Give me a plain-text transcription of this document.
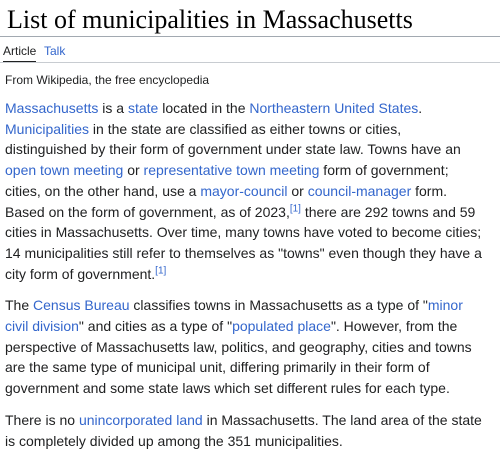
List of municipalities in Massachusetts
Article Talk
From Wikipedia, the free encyclopedia

Massachusetts is a state located in the Northeastern United States. Municipalities in the state are classified as either towns or cities, distinguished by their form of government under state law. Towns have an open town meeting or representative town meeting form of government; cities, on the other hand, use a mayor-council or council-manager form. Based on the form of government, as of 2023,[1] there are 292 towns and 59 cities in Massachusetts. Over time, many towns have voted to become cities; 14 municipalities still refer to themselves as "towns" even though they have a city form of government.[1]

The Census Bureau classifies towns in Massachusetts as a type of "minor civil division" and cities as a type of "populated place". However, from the perspective of Massachusetts law, politics, and geography, cities and towns are the same type of municipal unit, differing primarily in their form of government and some state laws which set different rules for each type.

There is no unincorporated land in Massachusetts. The land area of the state is completely divided up among the 351 municipalities.
